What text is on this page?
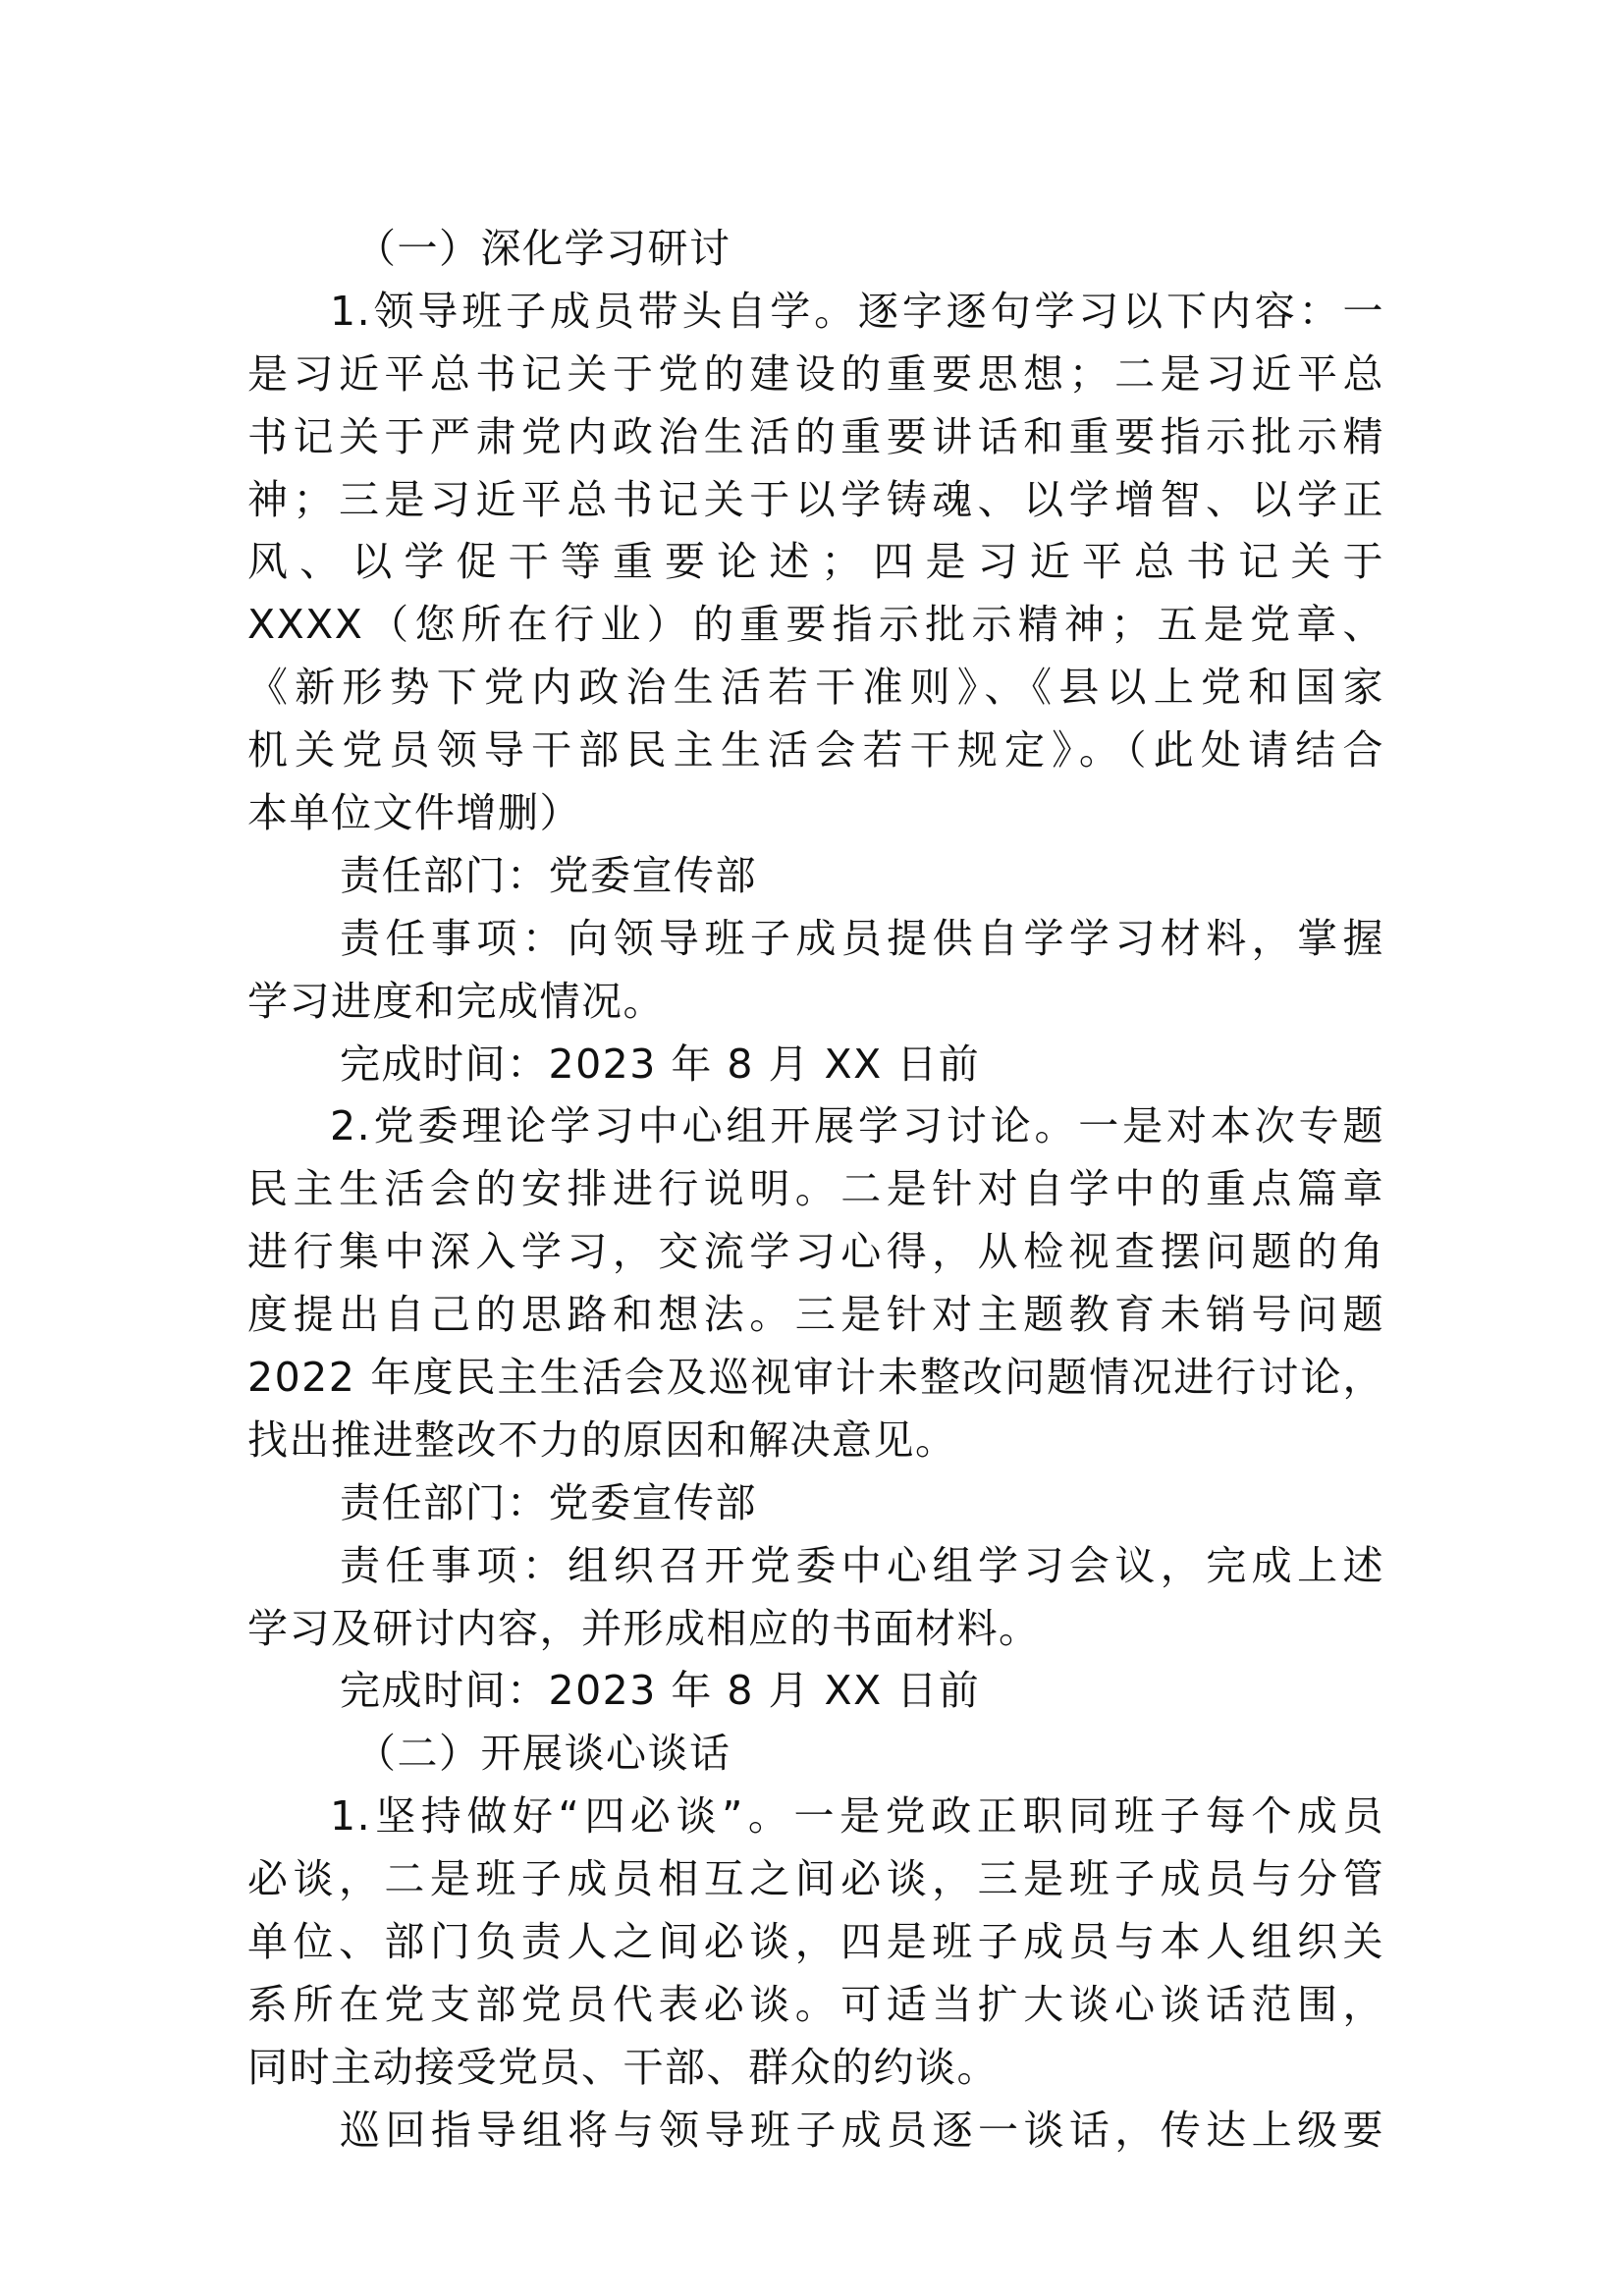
（一）深化学习研讨
1.领导班子成员带头自学。逐字逐句学习以下内容：一
是习近平总书记关于党的建设的重要思想；二是习近平总
书记关于严肃党内政治生活的重要讲话和重要指示批示精
神；三是习近平总书记关于以学铸魂、以学增智、以学正
风、以学促干等重要论述；四是习近平总书记关于
XXXX（您所在行业）的重要指示批示精神；五是党章、
《新形势下党内政治生活若干准则》、《县以上党和国家
机关党员领导干部民主生活会若干规定》。（此处请结合
本单位文件增删）
责任部门：党委宣传部
责任事项：向领导班子成员提供自学学习材料，掌握
学习进度和完成情况。
完成时间：2023 年 8 月 XX 日前
2.党委理论学习中心组开展学习讨论。一是对本次专题
民主生活会的安排进行说明。二是针对自学中的重点篇章
进行集中深入学习，交流学习心得，从检视查摆问题的角
度提出自己的思路和想法。三是针对主题教育未销号问题
2022 年度民主生活会及巡视审计未整改问题情况进行讨论，
找出推进整改不力的原因和解决意见。
责任部门：党委宣传部
责任事项：组织召开党委中心组学习会议，完成上述
学习及研讨内容，并形成相应的书面材料。
完成时间：2023 年 8 月 XX 日前
（二）开展谈心谈话
1.坚持做好“四必谈”。一是党政正职同班子每个成员
必谈，二是班子成员相互之间必谈，三是班子成员与分管
单位、部门负责人之间必谈，四是班子成员与本人组织关
系所在党支部党员代表必谈。可适当扩大谈心谈话范围，
同时主动接受党员、干部、群众的约谈。
巡回指导组将与领导班子成员逐一谈话，传达上级要
